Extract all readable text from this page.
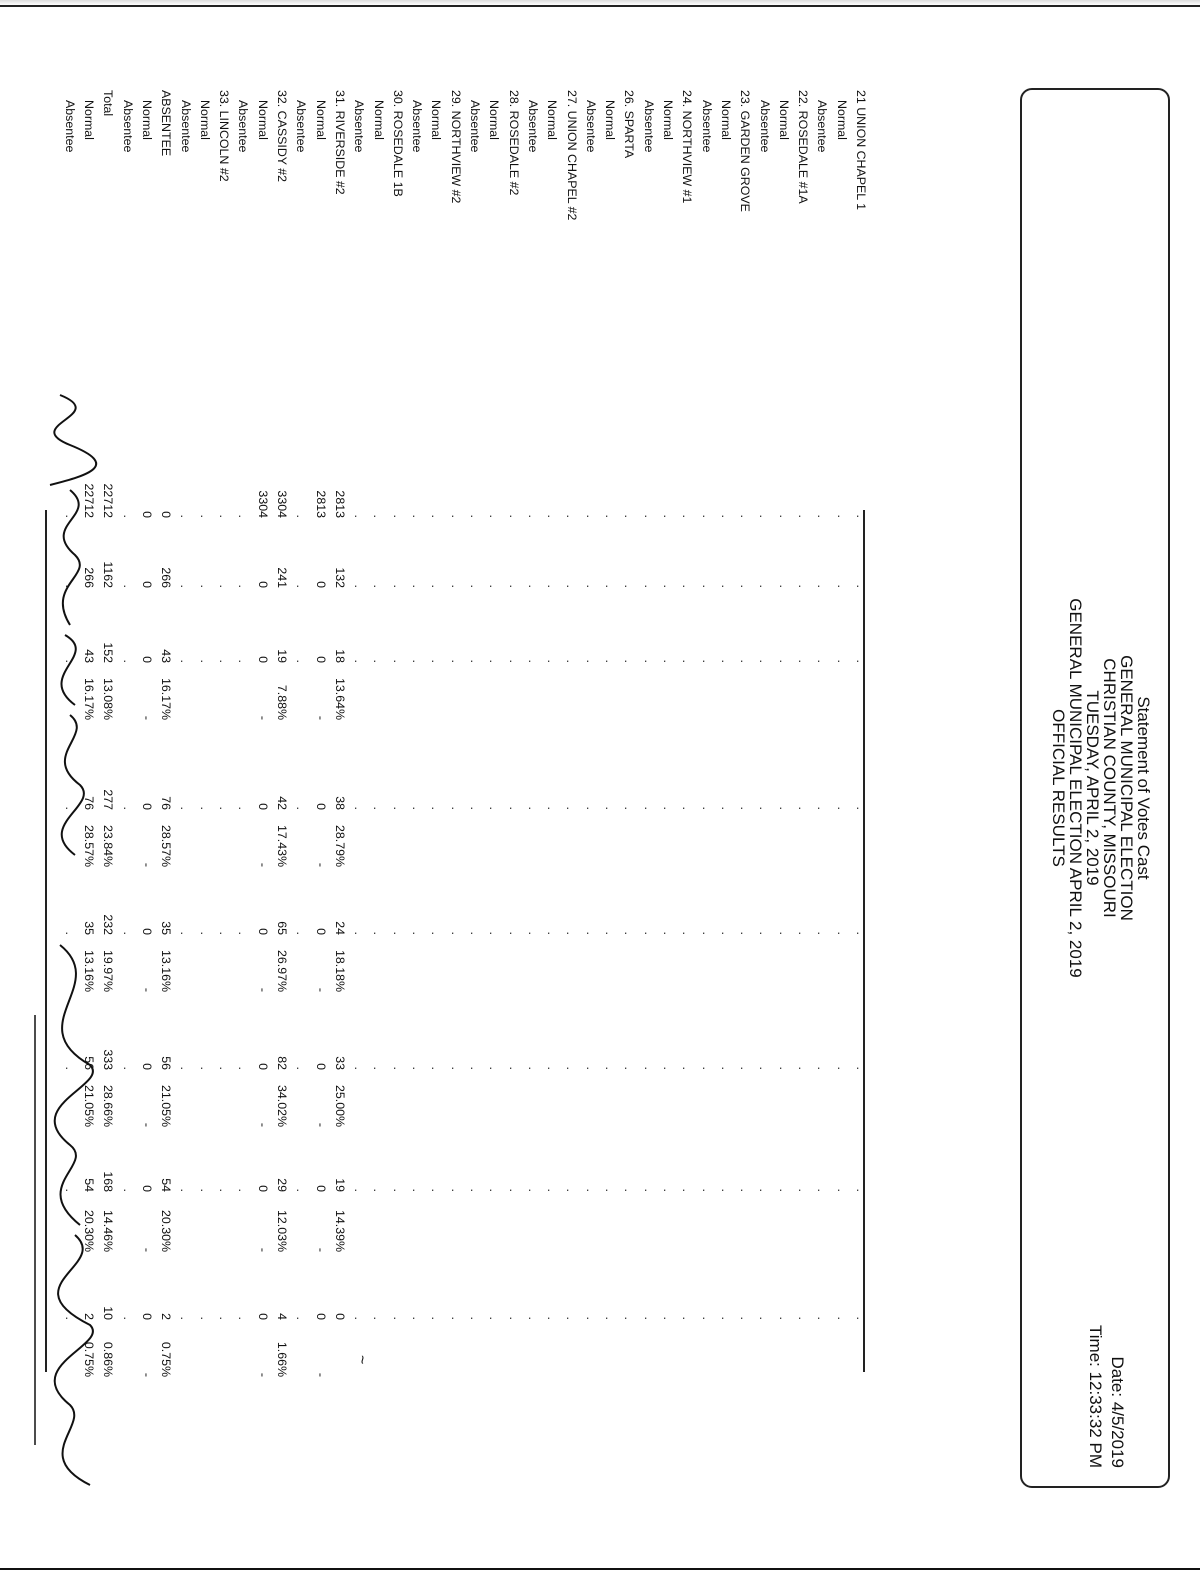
Statement of Votes Cast
GENERAL MUNICIPAL ELECTION
CHRISTIAN COUNTY, MISSOURI
TUESDAY, APRIL 2, 2019
GENERAL MUNICIPAL ELECTION APRIL 2, 2019
OFFICIAL RESULTS
Date: 4/5/2019
Time: 12:33:32 PM
21 UNION CHAPEL 1
Normal
Absentee
22. ROSEDALE #1A
Normal
Absentee
23. GARDEN GROVE
Normal
Absentee
24. NORTHVIEW #1
Normal
Absentee
26. SPARTA
Normal
Absentee
27. UNION CHAPEL #2
Normal
Absentee
28. ROSEDALE #2
Normal
Absentee
29. NORTHVIEW #2
Normal
Absentee
30. ROSEDALE 1B
Normal
Absentee
31. RIVERSIDE #2
Normal
Absentee
32. CASSIDY #2
Normal
Absentee
33. LINCOLN #2
Normal
Absentee
ABSENTEE
Normal
Absentee
Total
Normal
Absentee
.
.
.
.
.
.
.
.
.
.
.
.
.
.
.
.
.
.
.
.
.
.
.
.
.
.
.
.
.
.
.
.
.
.
.
.
.
.
.
.
.
.
.
.
.
.
.
.
.
.
.
.
.
.
.
.
.
.
.
.
.
.
.
.
.
.
.
.
.
.
.
.
.
.
.
.
.
.
.
.
.
.
.
.
.
.
.
.
.
.
.
.
.
.
.
.
.
.
.
.
.
.
.
.
.
.
.
.
.
.
.
.
.
.
.
.
.
.
.
.
.
.
.
.
.
.
.
.
.
.
.
.
.
.
.
.
.
.
.
.
.
.
.
.
.
.
.
.
.
.
.
.
.
.
.
.
.
.
.
.
.
.
.
.
.
.
.
.
.
.
.
.
.
.
.
.
.
.
.
.
.
.
.
.
.
.
.
.
.
.
.
.
.
.
.
.
.
.
.
.
.
.
.
.
.
.
.
.
.
.
.
.
.
.
.
.
2813
132
18
13.64%
38
28.79%
24
18.18%
33
25.00%
19
14.39%
0
2813
0
0
-
0
-
0
-
0
-
0
-
0
-
.
.
.
.
.
.
.
.
3304
241
19
7.88%
42
17.43%
65
26.97%
82
34.02%
29
12.03%
4
1.66%
3304
0
0
-
0
-
0
-
0
-
0
-
0
-
.
.
.
.
.
.
.
.
.
.
.
.
.
.
.
.
.
.
.
.
.
.
.
.
.
.
.
.
.
.
.
.
0
266
43
16.17%
76
28.57%
35
13.16%
56
21.05%
54
20.30%
2
0.75%
0
0
0
-
0
-
0
-
0
-
0
-
0
-
.
.
.
.
.
.
.
.
22712
1162
152
13.08%
277
23.84%
232
19.97%
333
28.66%
168
14.46%
10
0.86%
22712
266
43
16.17%
76
28.57%
35
13.16%
56
21.05%
54
20.30%
2
0.75%
.
.
.
.
.
.
.
.
~
